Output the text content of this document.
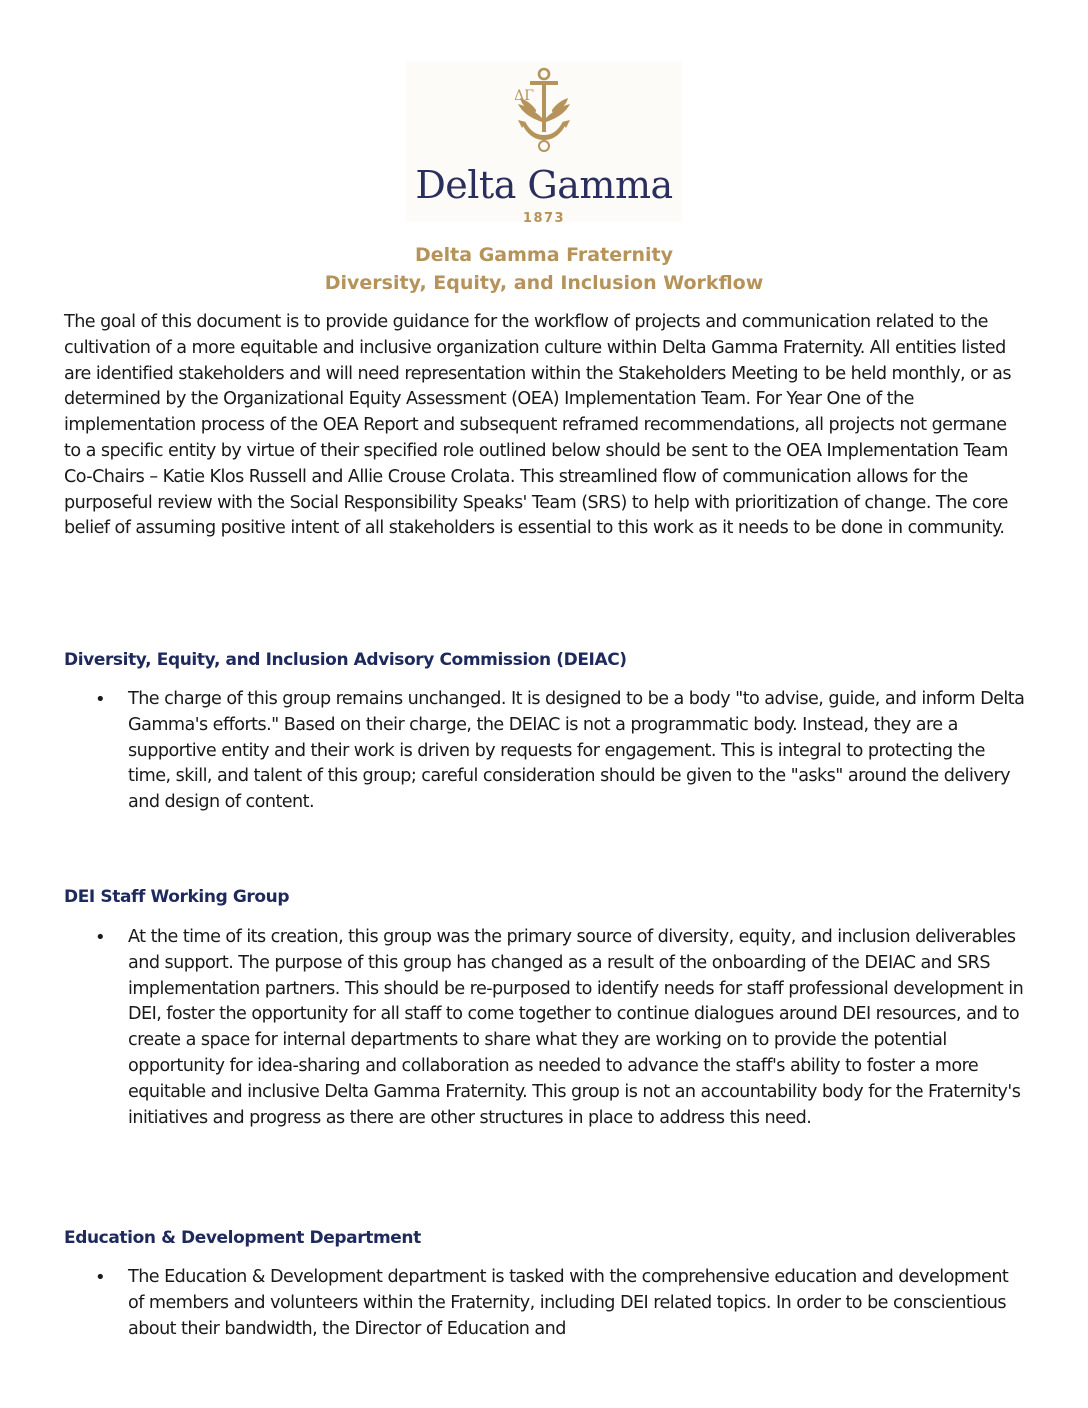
ΔΓ
Delta Gamma
1873
Delta Gamma Fraternity
Diversity, Equity, and Inclusion Workflow

The goal of this document is to provide guidance for the workflow of projects and communication related to the cultivation of a more equitable and inclusive organization culture within Delta Gamma Fraternity. All entities listed are identified stakeholders and will need representation within the Stakeholders Meeting to be held monthly, or as determined by the Organizational Equity Assessment (OEA) Implementation Team. For Year One of the implementation process of the OEA Report and subsequent reframed recommendations, all projects not germane to a specific entity by virtue of their specified role outlined below should be sent to the OEA Implementation Team Co-Chairs – Katie Klos Russell and Allie Crouse Crolata. This streamlined flow of communication allows for the purposeful review with the Social Responsibility Speaks' Team (SRS) to help with prioritization of change. The core belief of assuming positive intent of all stakeholders is essential to this work as it needs to be done in community.

Diversity, Equity, and Inclusion Advisory Commission (DEIAC)
• The charge of this group remains unchanged. It is designed to be a body "to advise, guide, and inform Delta Gamma's efforts." Based on their charge, the DEIAC is not a programmatic body. Instead, they are a supportive entity and their work is driven by requests for engagement. This is integral to protecting the time, skill, and talent of this group; careful consideration should be given to the "asks" around the delivery and design of content.

DEI Staff Working Group
• At the time of its creation, this group was the primary source of diversity, equity, and inclusion deliverables and support. The purpose of this group has changed as a result of the onboarding of the DEIAC and SRS implementation partners. This should be re-purposed to identify needs for staff professional development in DEI, foster the opportunity for all staff to come together to continue dialogues around DEI resources, and to create a space for internal departments to share what they are working on to provide the potential opportunity for idea-sharing and collaboration as needed to advance the staff's ability to foster a more equitable and inclusive Delta Gamma Fraternity. This group is not an accountability body for the Fraternity's initiatives and progress as there are other structures in place to address this need.

Education & Development Department
• The Education & Development department is tasked with the comprehensive education and development of members and volunteers within the Fraternity, including DEI related topics. In order to be conscientious about their bandwidth, the Director of Education and
